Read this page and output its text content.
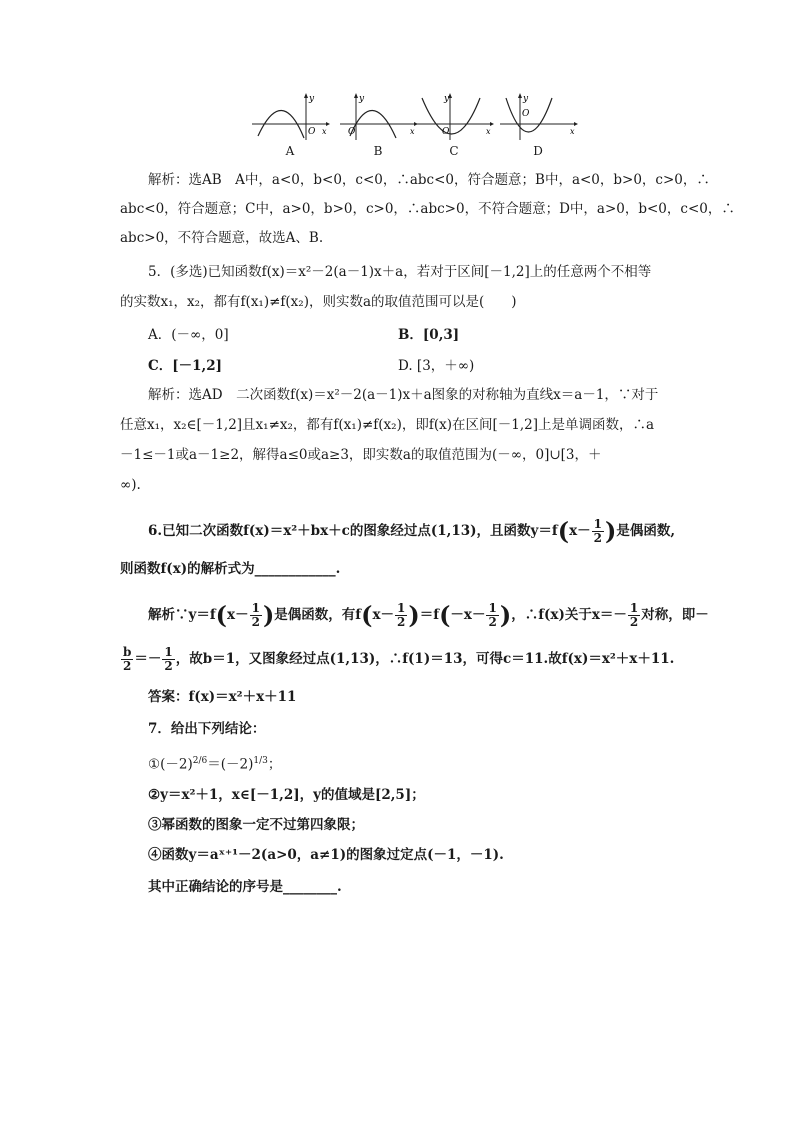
y
x
O
A
y
x
O
B
y
x
O
C
y
x
O
D
解析：选AB　A中，a<0，b<0，c<0，∴abc<0，符合题意；B中，a<0，b>0，c>0，∴
abc<0，符合题意；C中，a>0，b>0，c>0，∴abc>0，不符合题意；D中，a>0，b<0，c<0，∴
abc>0，不符合题意，故选A、B.
5．(多选)已知函数f(x)＝x²－2(a－1)x＋a，若对于区间[－1,2]上的任意两个不相等
的实数x₁，x₂，都有f(x₁)≠f(x₂)，则实数a的取值范围可以是(　　)
A．(－∞，0]	B．[0,3]
C．[－1,2]	D. [3，＋∞)
解析：选AD　二次函数f(x)＝x²－2(a－1)x＋a图象的对称轴为直线x＝a－1，∵对于
任意x₁，x₂∈[－1,2]且x₁≠x₂，都有f(x₁)≠f(x₂)，即f(x)在区间[－1,2]上是单调函数，∴a
－1≤－1或a－1≥2，解得a≤0或a≥3，即实数a的取值范围为(－∞，0]∪[3，＋
∞).
6.已知二次函数f(x)＝x²＋bx＋c的图象经过点(1,13)，且函数$y=f(x- \frac{1}{2}$ )是偶函数,
则函数f(x)的解析式为____________.
解析∵y＝f(x－ $\frac{1}{2}$ )是偶函数，有$f(x- \frac{1}{2} )=f(-x- \frac{1}{2}$ )，∴f(x)关于$x=- \frac{1}{2}$ 对称，即－
$\frac{b}{2} =- \frac{1}{2}$ ，故b＝1，又图象经过点(1,13)，∴f(1)＝13，可得c＝11.故f(x)＝x²＋x＋11.
答案：f(x)＝x²＋x＋11
7．给出下列结论：
$①(-2)^{2/6}=(-2)^{1/3}$；
②y＝x²＋1，x∈[－1,2]，y的值域是[2,5]；
③幂函数的图象一定不过第四象限；
④函数y＝aˣ⁺¹－2(a>0，a≠1)的图象过定点(－1，－1).
其中正确结论的序号是________.
